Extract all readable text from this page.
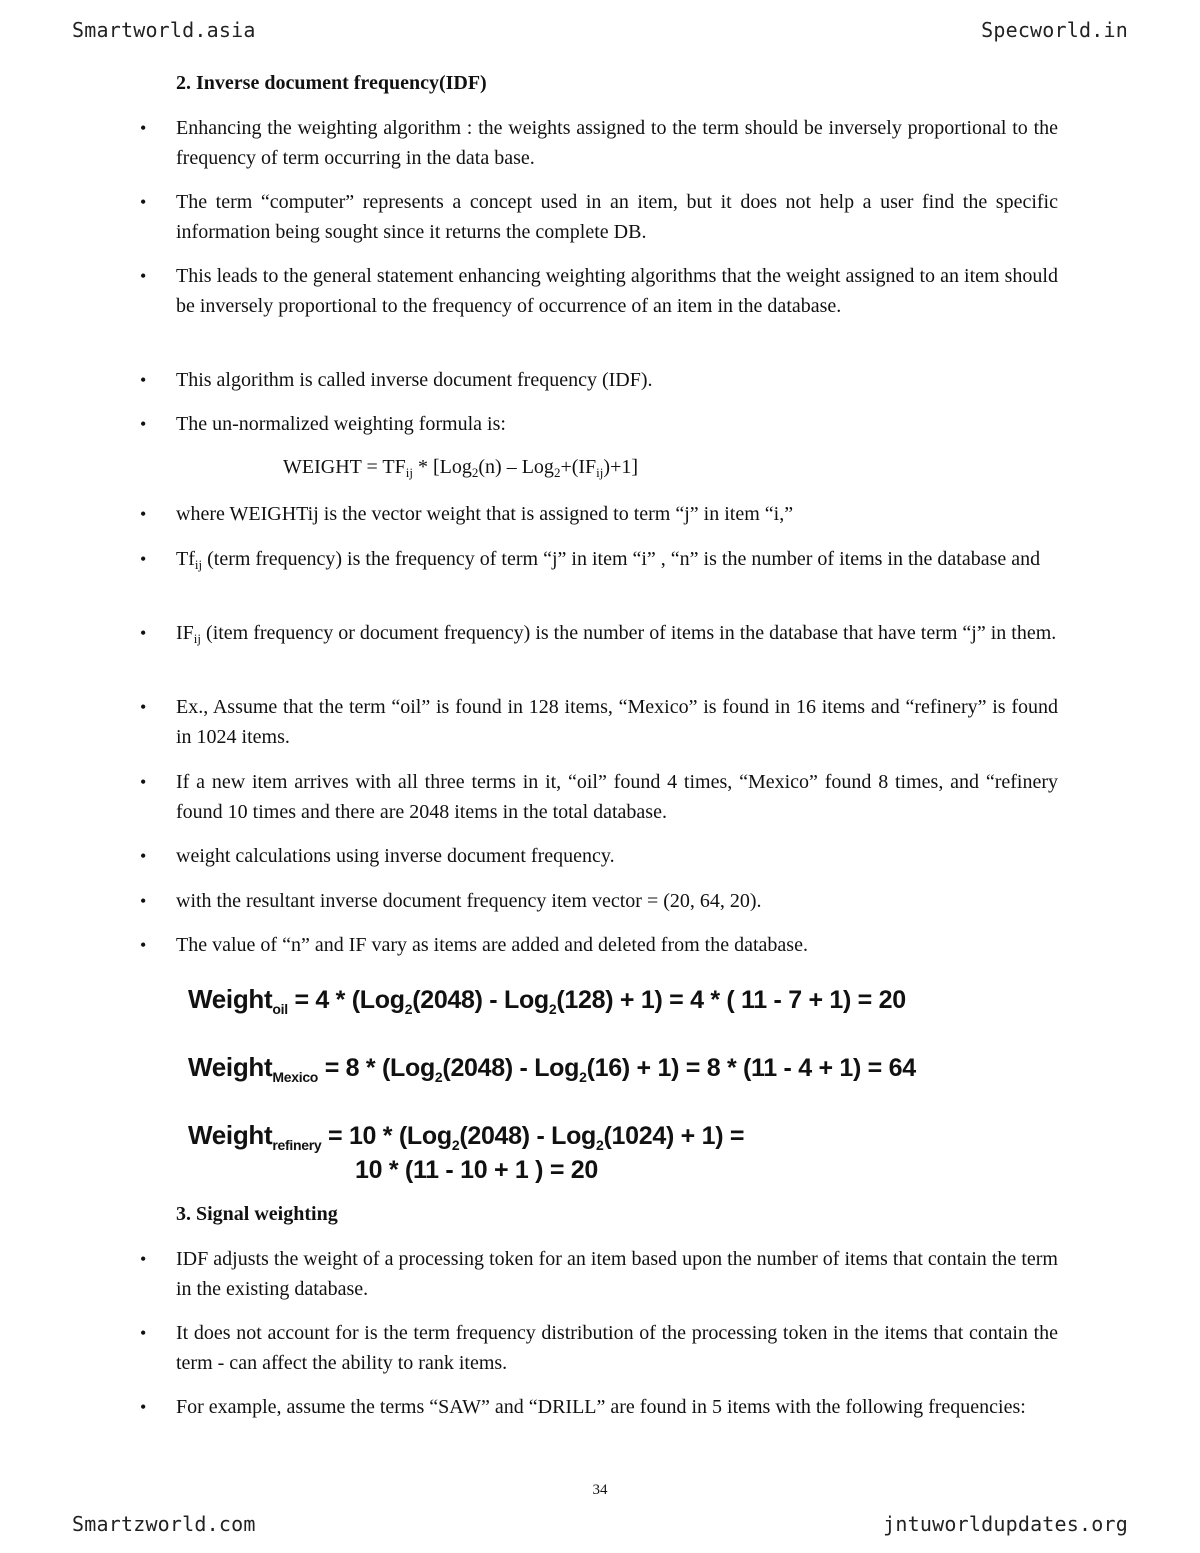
Smartworld.asia	Specworld.in
2. Inverse document frequency(IDF)
•	Enhancing the weighting algorithm : the weights assigned to the term should be inversely proportional to the frequency of term occurring in the data base.
•	The term “computer” represents a concept used in an item, but it does not help a user find the specific information being sought since it returns the complete DB.
•	This leads to the general statement enhancing weighting algorithms that the weight assigned to an item should be inversely proportional to the frequency of occurrence of an item in the database.
•	This algorithm is called inverse document frequency (IDF).
•	The un-normalized weighting formula is:
WEIGHT = $TF_{ij} * [Log_2(n) - Log_2+(IF_{ij})+1]$
•	where WEIGHTij is the vector weight that is assigned to term “j” in item “i,”
•	$Tf_{ij}$ (term frequency) is the frequency of term “j” in item “i” , “n” is the number of items in the database and
•	$IF_{ij}$ (item frequency or document frequency) is the number of items in the database that have term “j” in them.
•	Ex., Assume that the term “oil” is found in 128 items, “Mexico” is found in 16 items and “refinery” is found in 1024 items.
•	If a new item arrives with all three terms in it, “oil” found 4 times, “Mexico” found 8 times, and “refinery found 10 times and there are 2048 items in the total database.
•	weight calculations using inverse document frequency.
•	with the resultant inverse document frequency item vector = (20, 64, 20).
•	The value of “n” and IF vary as items are added and deleted from the database.
Weight$_{oil}$ = 4 * (Log$_2$(2048) - Log$_2$(128) + 1) = 4 * ( 11 - 7 + 1) = 20
Weight$_{Mexico}$ = 8 * (Log$_2$(2048) - Log$_2$(16) + 1) = 8 * (11 - 4 + 1) = 64
Weight$_{refinery}$ = 10 * (Log$_2$(2048) - Log$_2$(1024) + 1) =
10 * (11 - 10 + 1 ) = 20
3. Signal weighting
•	IDF adjusts the weight of a processing token for an item based upon the number of items that contain the term in the existing database.
•	It does not account for is the term frequency distribution of the processing token in the items that contain the term - can affect the ability to rank items.
•	For example, assume the terms “SAW” and “DRILL” are found in 5 items with the following frequencies:
34
Smartzworld.com	jntuworldupdates.org
